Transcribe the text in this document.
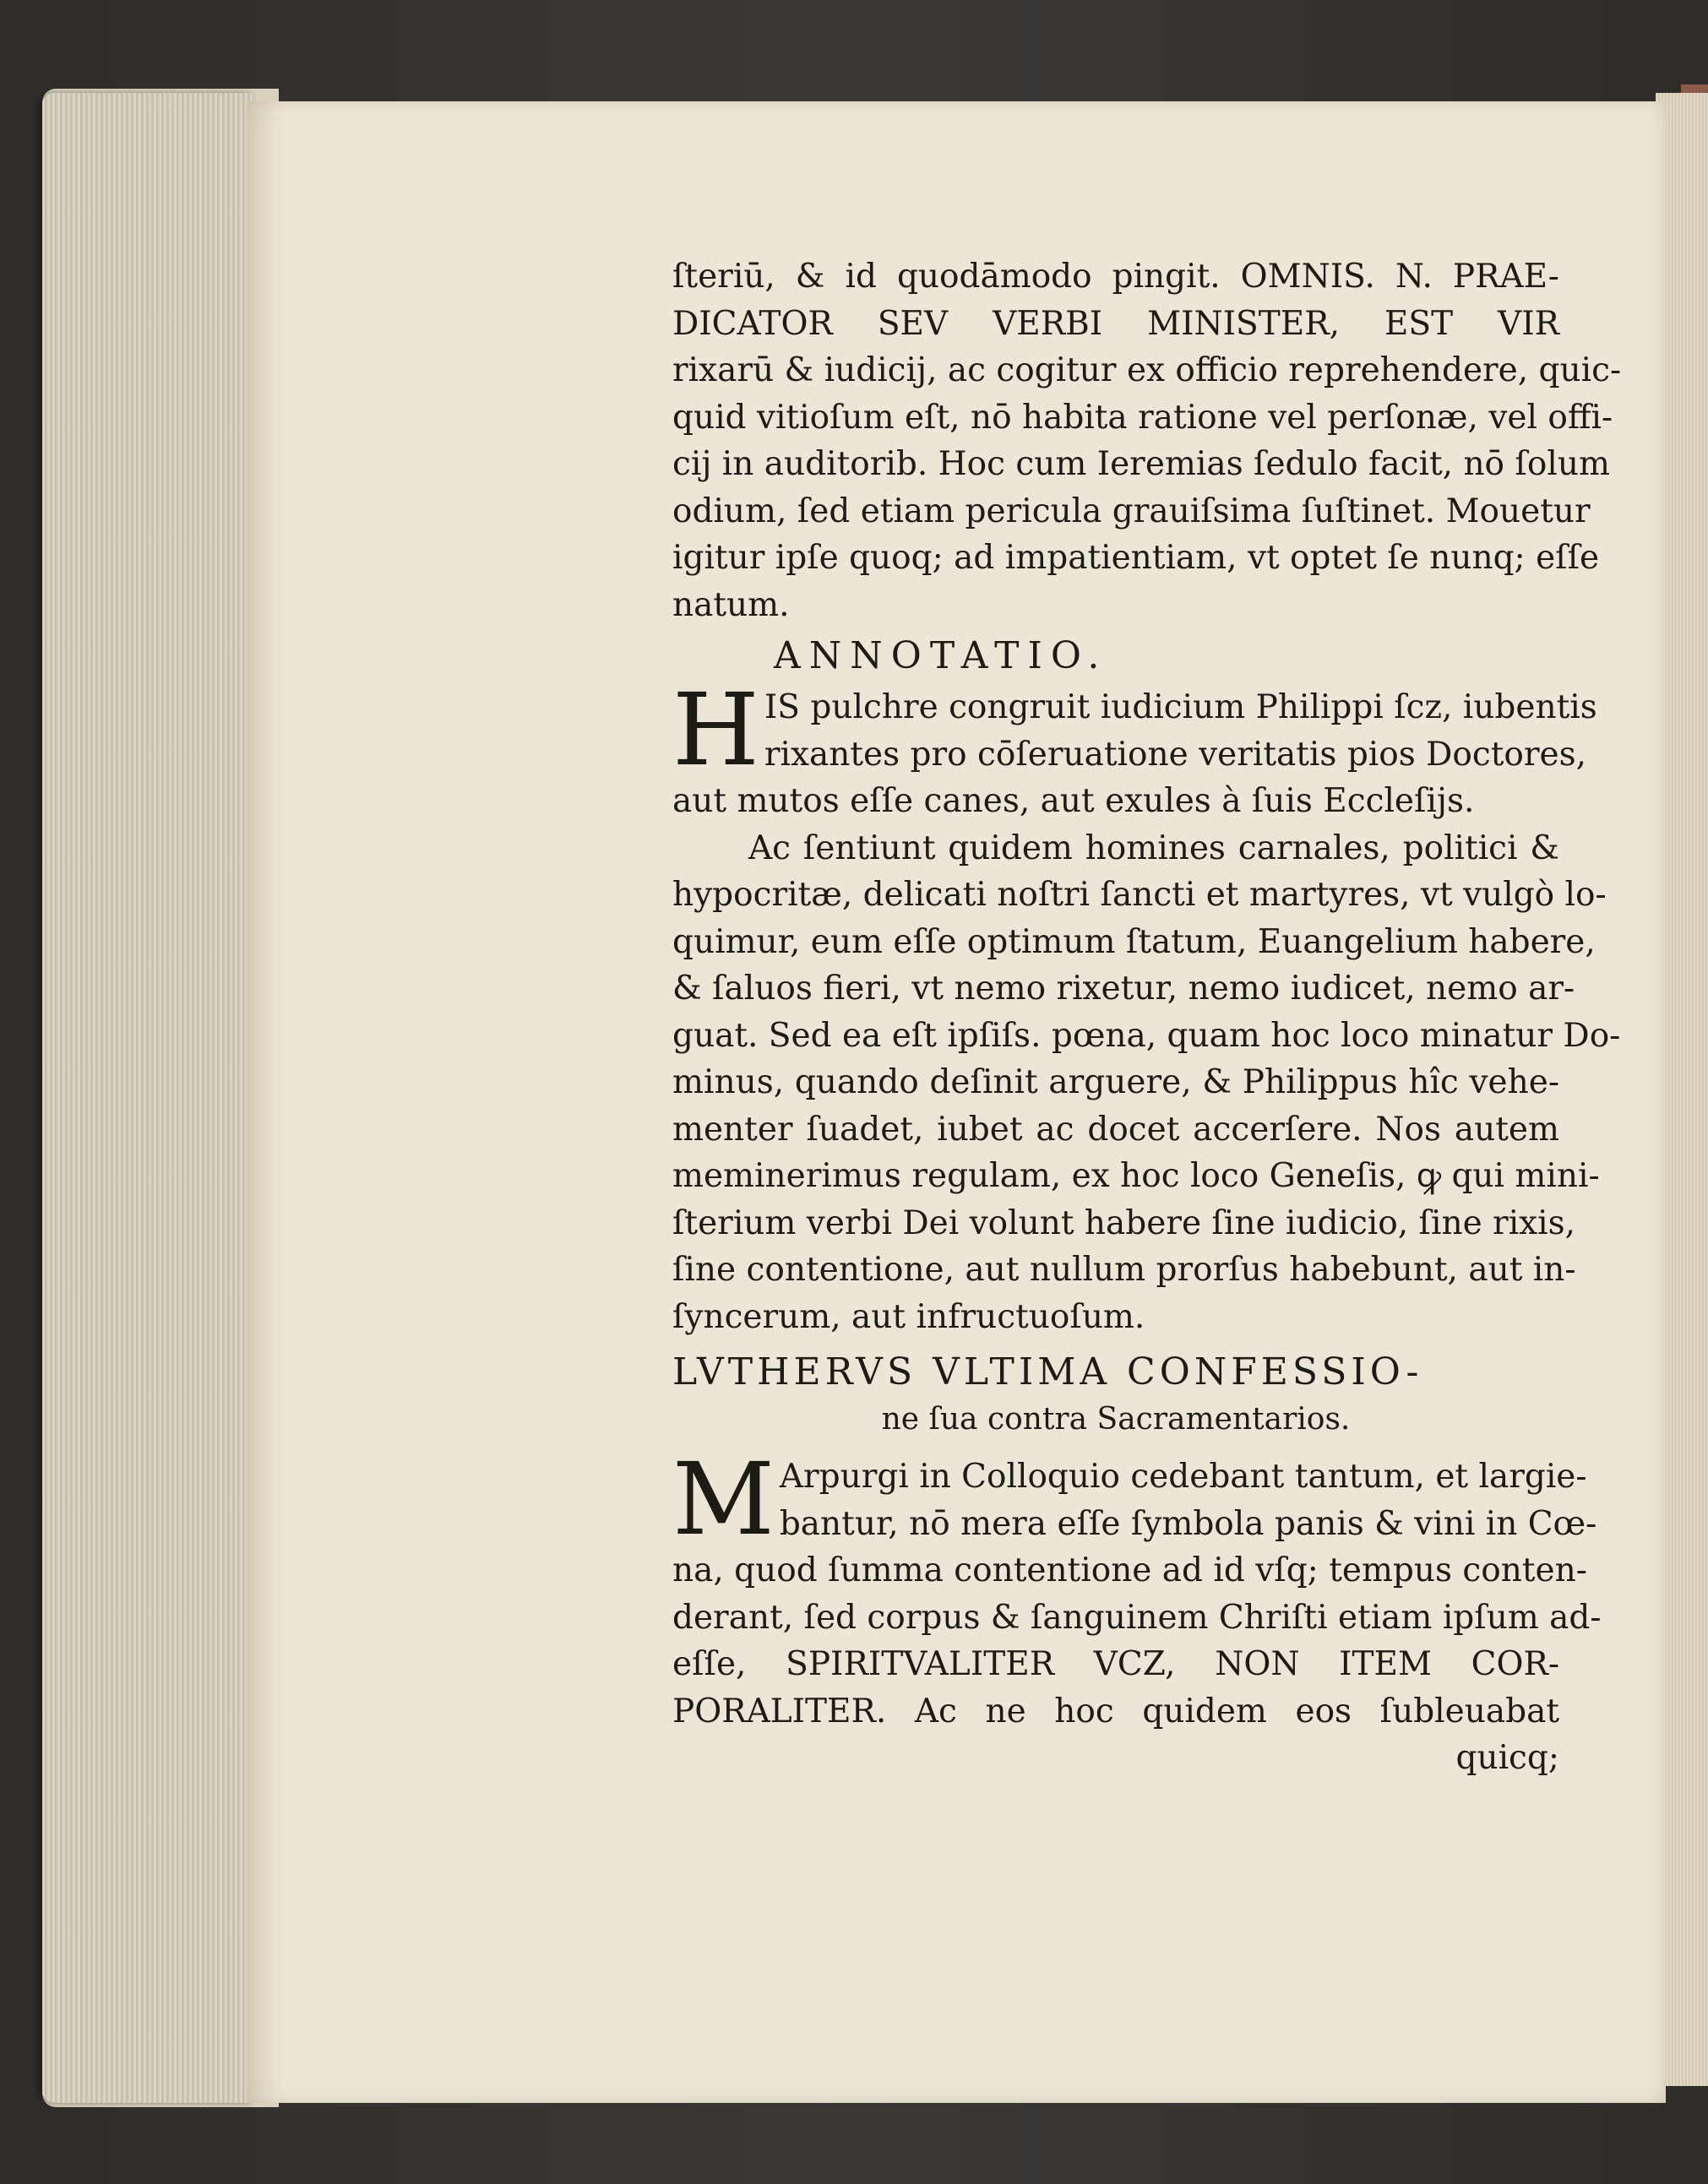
ſteriū, & id quodāmodo pingit. OMNIS. N. PRAE-
DICATOR SEV VERBI MINISTER, EST VIR
rixarū & iudicij, ac cogitur ex officio reprehendere, quic-
quid vitioſum eſt, nō habita ratione vel perſonæ, vel offi-
cij in auditorib. Hoc cum Ieremias ſedulo facit, nō ſolum
odium, ſed etiam pericula grauiſsima ſuſtinet. Mouetur
igitur ipſe quoq; ad impatientiam, vt optet ſe nunq; eſſe
natum.
ANNOTATIO.
H IS pulchre congruit iudicium Philippi ſcz, iubentis
rixantes pro cōſeruatione veritatis pios Doctores,
aut mutos eſſe canes, aut exules à ſuis Eccleſi⁠js.
Ac ſentiunt quidem homines carnales, politici &
hypocritæ, delicati noſtri ſancti et martyres, vt vulgò lo-
quimur, eum eſſe optimum ſtatum, Euangelium habere,
& ſaluos fieri, vt nemo rixetur, nemo iudicet, nemo ar-
guat. Sed ea eſt ipſiſs. pœna, quam hoc loco minatur Do-
minus, quando deſinit arguere, & Philippus hîc vehe-
menter ſuadet, iubet ac docet accerſere. Nos autem
meminerimus regulam, ex hoc loco Geneſis, ꝙ qui mini-
ſterium verbi Dei volunt habere ſine iudicio, ſine rixis,
ſine contentione, aut nullum prorſus habebunt, aut in-
ſyncerum, aut infructuoſum.
LVTHERVS VLTIMA CONFESSIO-
ne ſua contra Sacramentarios.
M Arpurgi in Colloquio cedebant tantum, et largie-
bantur, nō mera eſſe ſymbola panis & vini in Cœ-
na, quod ſumma contentione ad id vſq; tempus conten-
derant, ſed corpus & ſanguinem Chriſti etiam ipſum ad-
eſſe, SPIRITVALITER VCZ, NON ITEM COR-
PORALITER. Ac ne hoc quidem eos ſubleuabat
quicq;
